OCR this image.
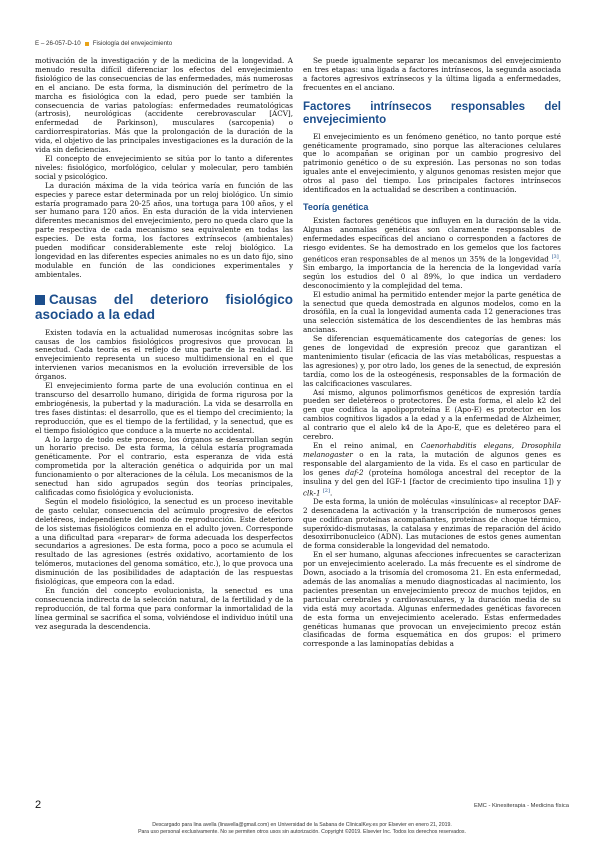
E – 26-057-D-10 Fisiología del envejecimiento

motivación de la investigación y de la medicina de la longevidad. A menudo resulta difícil diferenciar los efectos del envejecimiento fisiológico de las consecuencias de las enfermedades, más numerosas en el anciano. De esta forma, la disminución del perímetro de la marcha es fisiológica con la edad, pero puede ser también la consecuencia de varias patologías: enfermedades reumatológicas (artrosis), neurológicas (accidente cerebrovascular [ACV], enfermedad de Parkinson), musculares (sarcopenia) o cardiorrespiratorias. Más que la prolongación de la duración de la vida, el objetivo de las principales investigaciones es la duración de la vida sin deficiencias.

El concepto de envejecimiento se sitúa por lo tanto a diferentes niveles: fisiológico, morfológico, celular y molecular, pero también social y psicológico.

La duración máxima de la vida teórica varía en función de las especies y parece estar determinada por un reloj biológico. Un simio estaría programado para 20-25 años, una tortuga para 100 años, y el ser humano para 120 años. En esta duración de la vida intervienen diferentes mecanismos del envejecimiento, pero no queda claro que la parte respectiva de cada mecanismo sea equivalente en todas las especies. De esta forma, los factores extrínsecos (ambientales) pueden modificar considerablemente este reloj biológico. La longevidad en las diferentes especies animales no es un dato fijo, sino modulable en función de las condiciones experimentales y ambientales.

Causas del deterioro fisiológico asociado a la edad

Existen todavía en la actualidad numerosas incógnitas sobre las causas de los cambios fisiológicos progresivos que provocan la senectud. Cada teoría es el reflejo de una parte de la realidad. El envejecimiento representa un suceso multidimensional en el que intervienen varios mecanismos en la evolución irreversible de los órganos.

El envejecimiento forma parte de una evolución continua en el transcurso del desarrollo humano, dirigida de forma rigurosa por la embriogénesis, la pubertad y la maduración. La vida se desarrolla en tres fases distintas: el desarrollo, que es el tiempo del crecimiento; la reproducción, que es el tiempo de la fertilidad, y la senectud, que es el tiempo fisiológico que conduce a la muerte no accidental.

A lo largo de todo este proceso, los órganos se desarrollan según un horario preciso. De esta forma, la célula estaría programada genéticamente. Por el contrario, esta esperanza de vida está comprometida por la alteración genética o adquirida por un mal funcionamiento o por alteraciones de la célula. Los mecanismos de la senectud han sido agrupados según dos teorías principales, calificadas como fisiológica y evolucionista.

Según el modelo fisiológico, la senectud es un proceso inevitable de gasto celular, consecuencia del acúmulo progresivo de efectos deletéreos, independiente del modo de reproducción. Este deterioro de los sistemas fisiológicos comienza en el adulto joven. Corresponde a una dificultad para «reparar» de forma adecuada los desperfectos secundarios a agresiones. De esta forma, poco a poco se acumula el resultado de las agresiones (estrés oxidativo, acortamiento de los telómeros, mutaciones del genoma somático, etc.), lo que provoca una disminución de las posibilidades de adaptación de las respuestas fisiológicas, que empeora con la edad.

En función del concepto evolucionista, la senectud es una consecuencia indirecta de la selección natural, de la fertilidad y de la reproducción, de tal forma que para conformar la inmortalidad de la línea germinal se sacrifica el soma, volviéndose el individuo inútil una vez asegurada la descendencia.

Se puede igualmente separar los mecanismos del envejecimiento en tres etapas: una ligada a factores intrínsecos, la segunda asociada a factores agresivos extrínsecos y la última ligada a enfermedades, frecuentes en el anciano.

Factores intrínsecos responsables del envejecimiento

El envejecimiento es un fenómeno genético, no tanto porque esté genéticamente programado, sino porque las alteraciones celulares que lo acompañan se originan por un cambio progresivo del patrimonio genético o de su expresión. Las personas no son todas iguales ante el envejecimiento, y algunos genomas resisten mejor que otros al paso del tiempo. Los principales factores intrínsecos identificados en la actualidad se describen a continuación.

Teoría genética

Existen factores genéticos que influyen en la duración de la vida. Algunas anomalías genéticas son claramente responsables de enfermedades específicas del anciano o corresponden a factores de riesgo evidentes. Se ha demostrado en los gemelos que los factores genéticos eran responsables de al menos un 35% de la longevidad [3]. Sin embargo, la importancia de la herencia de la longevidad varía según los estudios del 0 al 89%, lo que indica un verdadero desconocimiento y la complejidad del tema.

El estudio animal ha permitido entender mejor la parte genética de la senectud que queda demostrada en algunos modelos, como en la drosófila, en la cual la longevidad aumenta cada 12 generaciones tras una selección sistemática de los descendientes de las hembras más ancianas.

Se diferencian esquemáticamente dos categorías de genes: los genes de longevidad de expresión precoz que garantizan el mantenimiento tisular (eficacia de las vías metabólicas, respuestas a las agresiones) y, por otro lado, los genes de la senectud, de expresión tardía, como los de la osteogénesis, responsables de la formación de las calcificaciones vasculares.

Así mismo, algunos polimorfismos genéticos de expresión tardía pueden ser deletéreos o protectores. De esta forma, el alelo k2 del gen que codifica la apolipoproteína E (Apo-E) es protector en los cambios cognitivos ligados a la edad y a la enfermedad de Alzheimer, al contrario que el alelo k4 de la Apo-E, que es deletéreo para el cerebro.

En el reino animal, en Caenorhabditis elegans, Drosophila melanogaster o en la rata, la mutación de algunos genes es responsable del alargamiento de la vida. Es el caso en particular de los genes daf-2 (proteína homóloga ancestral del receptor de la insulina y del gen del IGF-1 [factor de crecimiento tipo insulina 1]) y clk-1 [2].

De esta forma, la unión de moléculas «insulínicas» al receptor DAF-2 desencadena la activación y la transcripción de numerosos genes que codifican proteínas acompañantes, proteínas de choque térmico, superóxido-dismutasas, la catalasa y enzimas de reparación del ácido desoxirribonucleico (ADN). Las mutaciones de estos genes aumentan de forma considerable la longevidad del nematodo.

En el ser humano, algunas afecciones infrecuentes se caracterizan por un envejecimiento acelerado. La más frecuente es el síndrome de Down, asociado a la trisomía del cromosoma 21. En esta enfermedad, además de las anomalías a menudo diagnosticadas al nacimiento, los pacientes presentan un envejecimiento precoz de muchos tejidos, en particular cerebrales y cardiovasculares, y la duración media de su vida está muy acortada. Algunas enfermedades genéticas favorecen de esta forma un envejecimiento acelerado. Estas enfermedades genéticas humanas que provocan un envejecimiento precoz están clasificadas de forma esquemática en dos grupos: el primero corresponde a las laminopatías debidas a

2	EMC - Kinesiterapia - Medicina física
Descargado para lina avella (linavella@gmail.com) en Universidad de la Sabana de ClinicalKey.es por Elsevier en enero 21, 2019.
Para uso personal exclusivamente. No se permiten otros usos sin autorización. Copyright ©2019. Elsevier Inc. Todos los derechos reservados.
